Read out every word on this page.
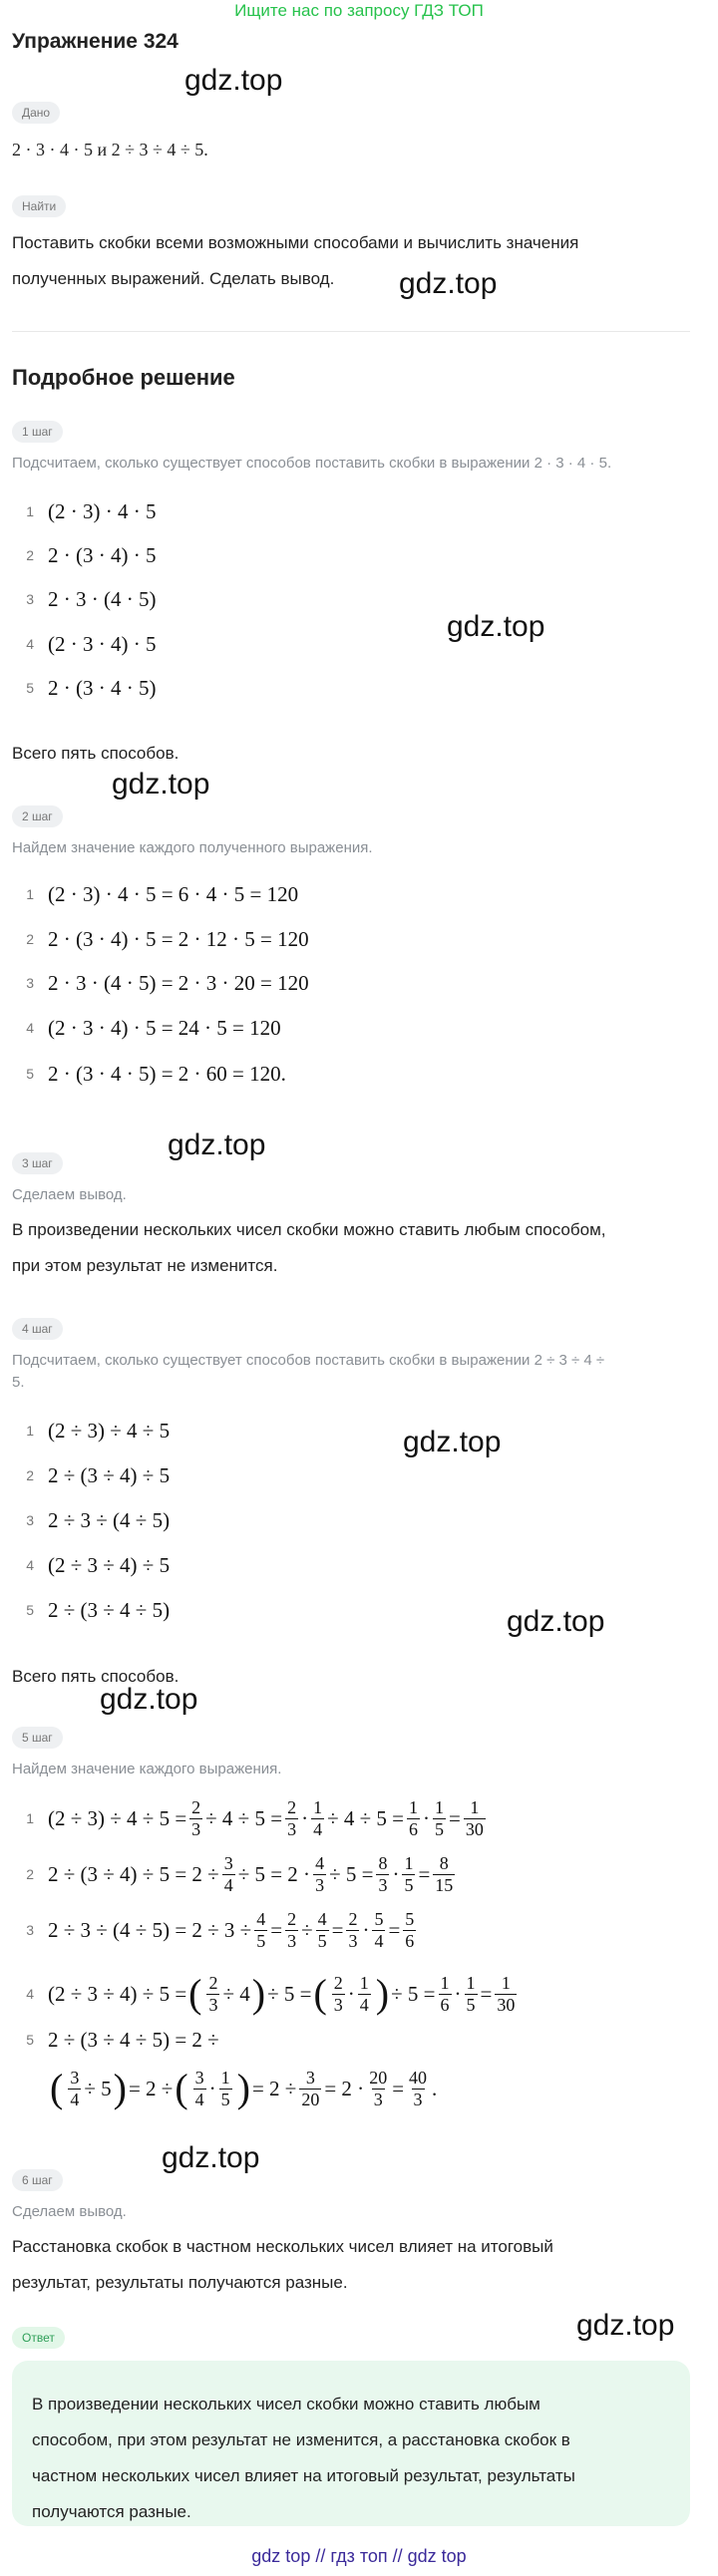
Ищите нас по запросу ГДЗ ТОП
Упражнение 324
gdz.top
gdz.top
gdz.top
gdz.top
gdz.top
gdz.top
gdz.top
gdz.top
gdz.top
gdz.top
Дано
2 · 3 · 4 · 5 и 2 ÷ 3 ÷ 4 ÷ 5.
Найти
Поставить скобки всеми возможными способами и вычислить значения
полученных выражений. Сделать вывод.
Подробное решение
1 шаг
Подсчитаем, сколько существует способов поставить скобки в выражении 2 · 3 · 4 · 5.
1 (2 · 3) · 4 · 5
2 2 · (3 · 4) · 5
3 2 · 3 · (4 · 5)
4 (2 · 3 · 4) · 5
5 2 · (3 · 4 · 5)
Всего пять способов.
2 шаг
Найдем значение каждого полученного выражения.
1 (2 · 3) · 4 · 5 = 6 · 4 · 5 = 120
2 2 · (3 · 4) · 5 = 2 · 12 · 5 = 120
3 2 · 3 · (4 · 5) = 2 · 3 · 20 = 120
4 (2 · 3 · 4) · 5 = 24 · 5 = 120
5 2 · (3 · 4 · 5) = 2 · 60 = 120.
3 шаг
Сделаем вывод.
В произведении нескольких чисел скобки можно ставить любым способом,
при этом результат не изменится.
4 шаг
Подсчитаем, сколько существует способов поставить скобки в выражении 2 ÷ 3 ÷ 4 ÷
5.
1 (2 ÷ 3) ÷ 4 ÷ 5
2 2 ÷ (3 ÷ 4) ÷ 5
3 2 ÷ 3 ÷ (4 ÷ 5)
4 (2 ÷ 3 ÷ 4) ÷ 5
5 2 ÷ (3 ÷ 4 ÷ 5)
Всего пять способов.
5 шаг
Найдем значение каждого выражения.
1 $(2 \div 3) \div 4 \div 5 = \frac{2}{3} \div 4 \div 5 = \frac{2}{3} \cdot \frac{1}{4} \div 4 \div 5 = \frac{1}{6} \cdot \frac{1}{5} = \frac{1}{30}$
2 $2 \div (3 \div 4) \div 5 = 2 \div \frac{3}{4} \div 5 = 2 \cdot \frac{4}{3} \div 5 = \frac{8}{3} \cdot \frac{1}{5} = \frac{8}{15}$
3 $2 \div 3 \div (4 \div 5) = 2 \div 3 \div \frac{4}{5} = \frac{2}{3} \div \frac{4}{5} = \frac{2}{3} \cdot \frac{5}{4} = \frac{5}{6}$
4 (2 ÷ 3 ÷ 4) ÷ 5 = ( $\frac{2}{3}$ ÷
4 ) ÷ 5 = ( $\frac{2}{3} \cdot \frac{1}{4}$ ) ÷ $5 = \frac{1}{6} \cdot \frac{1}{5} = \frac{1}{30}$
5 2 ÷ (3 ÷ 4 ÷ 5) = 2 ÷
( $\frac{3}{4} \div 5$ ) = 2 ÷ ( $\frac{3}{4} \cdot \frac{1}{5}$ ) = $2 \div \frac{3}{20} = 2 \cdot \frac{20}{3} = \frac{40}{3}$ .
6 шаг
Сделаем вывод.
Расстановка скобок в частном нескольких чисел влияет на итоговый
результат, результаты получаются разные.
Ответ
В произведении нескольких чисел скобки можно ставить любым
способом, при этом результат не изменится, а расстановка скобок в
частном нескольких чисел влияет на итоговый результат, результаты
получаются разные.
gdz top // гдз топ // gdz top
